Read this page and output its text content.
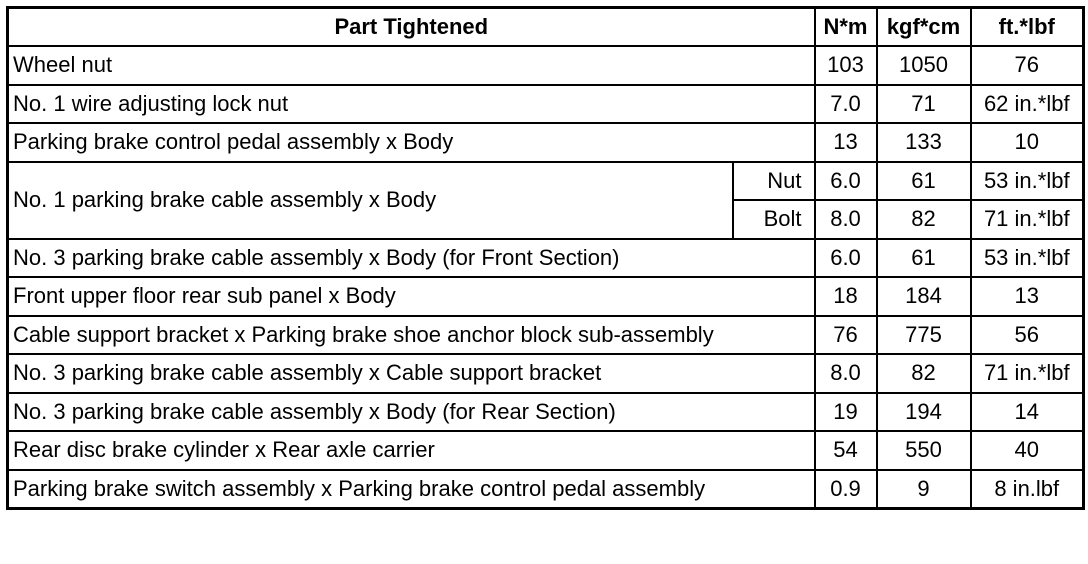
Part Tightened		N*m	kgf*cm	ft.*lbf
Wheel nut		103	1050	76
No. 1 wire adjusting lock nut		7.0	71	62 in.*lbf
Parking brake control pedal assembly x Body		13	133	10
No. 1 parking brake cable assembly x Body	Nut	6.0	61	53 in.*lbf
	Bolt	8.0	82	71 in.*lbf
No. 3 parking brake cable assembly x Body (for Front Section)		6.0	61	53 in.*lbf
Front upper floor rear sub panel x Body		18	184	13
Cable support bracket x Parking brake shoe anchor block sub-assembly		76	775	56
No. 3 parking brake cable assembly x Cable support bracket		8.0	82	71 in.*lbf
No. 3 parking brake cable assembly x Body (for Rear Section)		19	194	14
Rear disc brake cylinder x Rear axle carrier		54	550	40
Parking brake switch assembly x Parking brake control pedal assembly		0.9	9	8 in.lbf
